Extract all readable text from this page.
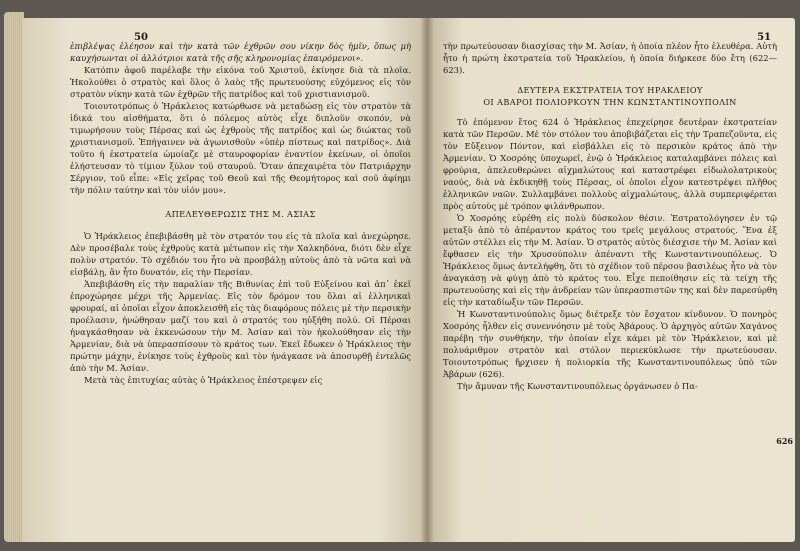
50

ἐπιβλέψας ἐλέησον καὶ τὴν κατὰ τῶν ἐχθρῶν σου νίκην δὸς ἡμῖν, ὅπως μὴ καυχήσωνται οἱ ἀλλότριοι κατὰ τῆς σῆς κληρονομίας ἐπαιρόμενοι».

Κατόπιν ἀφοῦ παρέλαβε τὴν εἰκόνα τοῦ Χριστοῦ, ἐκίνησε διὰ τὰ πλοῖα. Ἠκολούθει ὁ στρατὸς καὶ ὅλος ὁ λαὸς τῆς πρωτευούσης εὐχόμενος εἰς τὸν στρατὸν νίκην κατὰ τῶν ἐχθρῶν τῆς πατρίδος καὶ τοῦ χριστιανισμοῦ.

Τοιουτοτρόπως ὁ Ἡράκλειος κατώρθωσε νὰ μεταδώσῃ εἰς τὸν στρατὸν τὰ ἰδικά του αἰσθήματα, ὅτι ὁ πόλεμος αὐτὸς εἶχε διπλοῦν σκοπόν, νὰ τιμωρήσουν τοὺς Πέρσας καὶ ὡς ἐχθροὺς τῆς πατρίδος καὶ ὡς διώκτας τοῦ χριστιανισμοῦ. Ἐπήγαινεν νὰ ἀγωνισθοῦν «ὑπὲρ πίστεως καὶ πατρίδος». Διὰ τοῦτο ἡ ἐκστρατεία ὡμοίαζε μὲ σταυροφορίαν ἐναντίον ἐκείνων, οἱ ὁποῖοι ἐλήστευσαν τὸ τίμιον ξύλον τοῦ σταυροῦ. Ὅταν ἀπεχαιρέτα τὸν Πατριάρχην Σέργιον, τοῦ εἶπε: «Εἰς χεῖρας τοῦ Θεοῦ καὶ τῆς Θεομήτορος καὶ σοῦ ἀφίημι τὴν πόλιν ταύτην καὶ τὸν υἱόν μου».

ΑΠΕΛΕΥΘΕΡΩΣΙΣ ΤΗΣ Μ. ΑΣΙΑΣ

Ὁ Ἡράκλειος ἐπεβιβάσθη μὲ τὸν στρατόν του εἰς τὰ πλοῖα καὶ ἀνεχώρησε. Δὲν προσέβαλε τοὺς ἐχθροὺς κατὰ μέτωπον εἰς τὴν Χαλκηδόνα, διότι δὲν εἶχε πολὺν στρατόν. Τὸ σχέδιόν του ἦτο νὰ προσβάλῃ αὐτοὺς ἀπὸ τὰ νῶτα καὶ νὰ εἰσβάλῃ, ἂν ἦτο δυνατόν, εἰς τὴν Περσίαν.

Ἀπεβιβάσθη εἰς τὴν παραλίαν τῆς Βιθυνίας ἐπὶ τοῦ Εὐξείνου καὶ ἀπ᾽ ἐκεῖ ἐπροχώρησε μέχρι τῆς Ἀρμενίας. Εἰς τὸν δρόμον του ὅλαι αἱ ἑλληνικαὶ φρουραί, αἱ ὁποῖαι εἶχον ἀποκλεισθῆ εἰς τὰς διαφόρους πόλεις μὲ τὴν περσικὴν προέλασιν, ἠνώθησαν μαζί του καὶ ὁ στρατός του ηὐξήθη πολύ. Οἱ Πέρσαι ἠναγκάσθησαν νὰ ἐκκενώσουν τὴν Μ. Ἀσίαν καὶ τὸν ἠκολούθησαν εἰς τὴν Ἀρμενίαν, διὰ νὰ ὑπερασπίσουν τὸ κράτος των. Ἐκεῖ ἔδωκεν ὁ Ἡράκλειος τὴν πρώτην μάχην, ἐνίκησε τοὺς ἐχθροὺς καὶ τὸν ἠνάγκασε νὰ ἀποσυρθῇ ἐντελῶς ἀπὸ τὴν Μ. Ἀσίαν.

Μετὰ τὰς ἐπιτυχίας αὐτὰς ὁ Ἡράκλειος ἐπέστρεψεν εἰς

51

τὴν πρωτεύουσαν διασχίσας τὴν Μ. Ἀσίαν, ἡ ὁποία πλέον ἦτο ἐλευθέρα. Αὐτὴ ἦτο ἡ πρώτη ἐκστρατεία τοῦ Ἡρακλείου, ἡ ὁποία διήρκεσε δύο ἔτη (622—623).

ΔΕΥΤΕΡΑ ΕΚΣΤΡΑΤΕΙΑ ΤΟΥ ΗΡΑΚΛΕΙΟΥ
ΟΙ ΑΒΑΡΟΙ ΠΟΛΙΟΡΚΟΥΝ ΤΗΝ ΚΩΝΣΤΑΝΤΙΝΟΥΠΟΛΙΝ

Τὸ ἑπόμενον ἔτος 624 ὁ Ἡράκλειος ἐπεχείρησε δευτέραν ἐκστρατείαν κατὰ τῶν Περσῶν. Μὲ τὸν στόλον του ἀποβιβάζεται εἰς τὴν Τραπεζοῦντα, εἰς τὸν Εὔξεινον Πόντον, καὶ εἰσβάλλει εἰς τὸ περσικὸν κράτος ἀπὸ τὴν Ἀρμενίαν. Ὁ Χοσρόης ὑποχωρεῖ, ἐνῷ ὁ Ἡράκλειος καταλαμβάνει πόλεις καὶ φρούρια, ἀπελευθερώνει αἰχμαλώτους καὶ καταστρέφει εἰδωλολατρικοὺς ναούς, διὰ νὰ ἐκδικηθῇ τοὺς Πέρσας, οἱ ὁποῖοι εἶχον κατεστρέψει πλῆθος ἑλληνικῶν ναῶν. Συλλαμβάνει πολλοὺς αἰχμαλώτους, ἀλλὰ συμπεριφέρεται πρὸς αὐτοὺς μὲ τρόπον φιλάνθρωπον.

Ὁ Χοσρόης εὑρέθη εἰς πολὺ δύσκολον θέσιν. Ἐστρατολόγησεν ἐν τῷ μεταξὺ ἀπὸ τὸ ἀπέραντον κράτος του τρεῖς μεγάλους στρατούς. Ἕνα ἐξ αὐτῶν στέλλει εἰς τὴν Μ. Ἀσίαν. Ὁ στρατὸς αὐτὸς διέσχισε τὴν Μ. Ἀσίαν καὶ ἔφθασεν εἰς τὴν Χρυσούπολιν ἀπέναντι τῆς Κωνσταντινουπόλεως. Ὁ Ἡράκλειος ὅμως ἀντελήφθη, ὅτι τὸ σχέδιον τοῦ πέρσου βασιλέως ἦτο νὰ τὸν ἀναγκάσῃ νὰ φύγῃ ἀπὸ τὸ κράτος του. Εἶχε πεποίθησιν εἰς τὰ τείχη τῆς πρωτευούσης καὶ εἰς τὴν ἀνδρείαν τῶν ὑπερασπιστῶν της καὶ δὲν παρεσύρθη εἰς τὴν καταδίωξιν τῶν Περσῶν.

Ἡ Κωνσταντινούπολις ὅμως διέτρεξε τὸν ἔσχατον κίνδυνον. Ὁ πονηρὸς Χοσρόης ἦλθεν εἰς συνεννόησιν μὲ τοὺς Ἀβάρους. Ὁ ἀρχηγὸς αὐτῶν Χαγάνος παρέβη τὴν συνθήκην, τὴν ὁποίαν εἶχε κάμει μὲ τὸν Ἡράκλειον, καὶ μὲ πολυάριθμον στρατὸν καὶ στόλον περιεκύκλωσε τὴν πρωτεύουσαν. Τοιουτοτρόπως ἤρχισεν ἡ πολιορκία τῆς Κωνσταντινουπόλεως ὑπὸ τῶν Ἀβάρων (626).

Τὴν ἄμυναν τῆς Κωνσταντινουπόλεως ὀργάνωσεν ὁ Πα-

626
